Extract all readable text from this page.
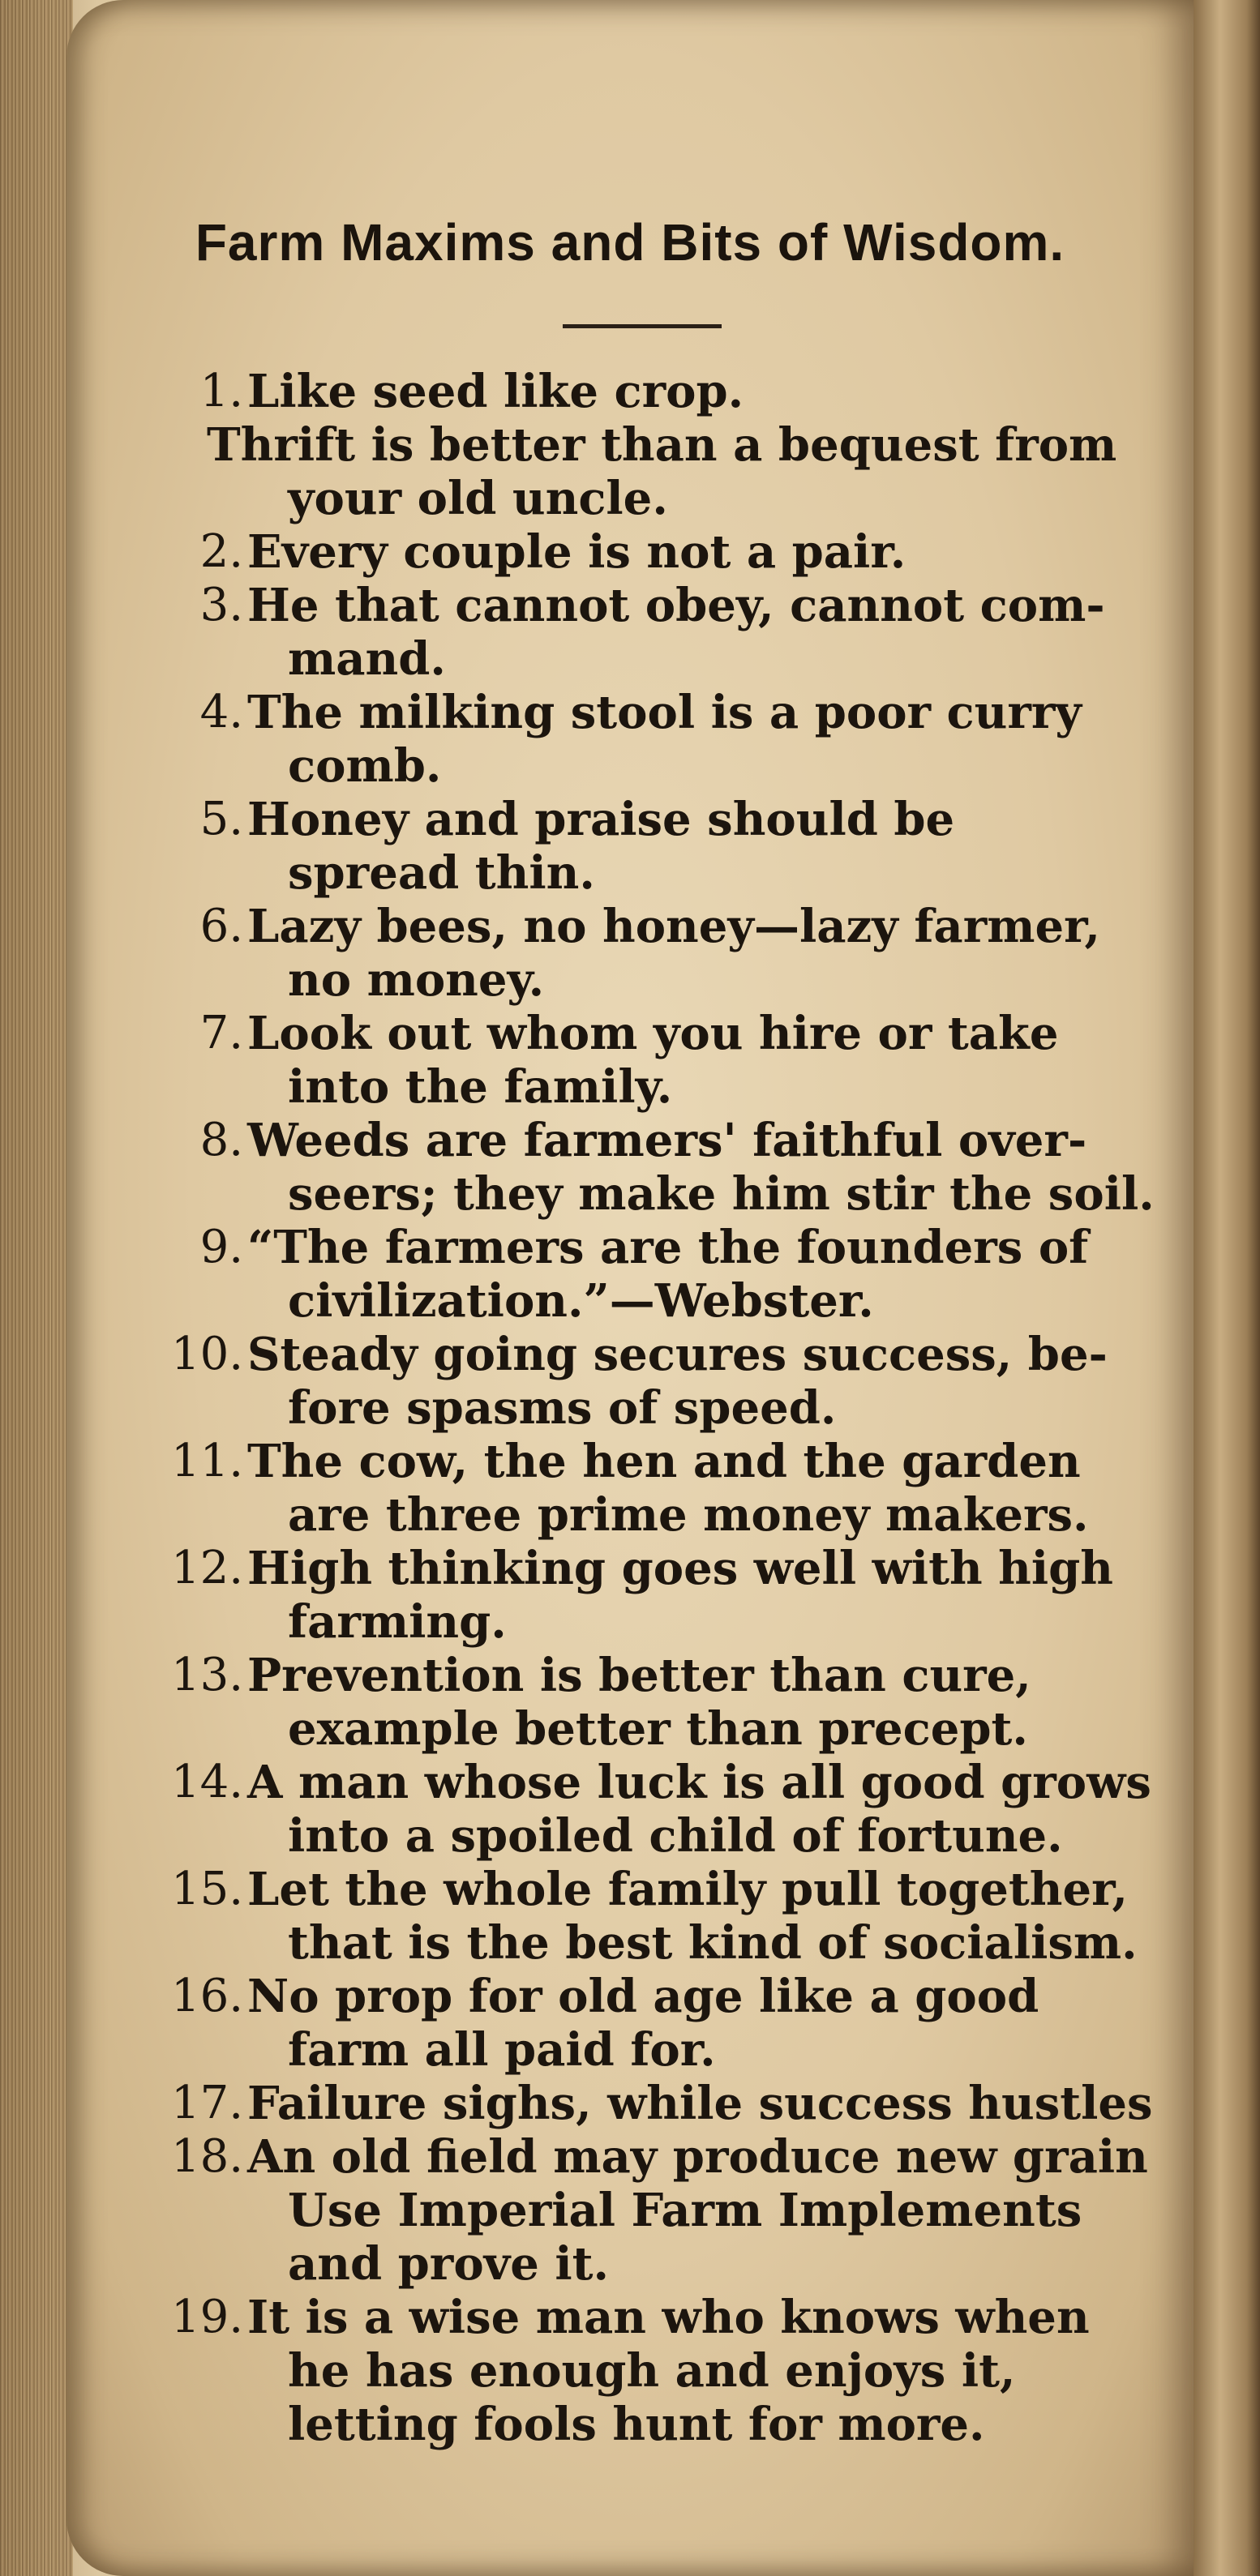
Farm Maxims and Bits of Wisdom.
1. Like seed like crop.
Thrift is better than a bequest from
your old uncle.
2. Every couple is not a pair.
3. He that cannot obey, cannot com-
mand.
4. The milking stool is a poor curry
comb.
5. Honey and praise should be
spread thin.
6. Lazy bees, no honey—lazy farmer,
no money.
7. Look out whom you hire or take
into the family.
8. Weeds are farmers' faithful over-
seers; they make him stir the soil.
9. “The farmers are the founders of
civilization.”—Webster.
10. Steady going secures success, be-
fore spasms of speed.
11. The cow, the hen and the garden
are three prime money makers.
12. High thinking goes well with high
farming.
13. Prevention is better than cure,
example better than precept.
14. A man whose luck is all good grows
into a spoiled child of fortune.
15. Let the whole family pull together,
that is the best kind of socialism.
16. No prop for old age like a good
farm all paid for.
17. Failure sighs, while success hustles
18. An old field may produce new grain
Use Imperial Farm Implements
and prove it.
19. It is a wise man who knows when
he has enough and enjoys it,
letting fools hunt for more.
